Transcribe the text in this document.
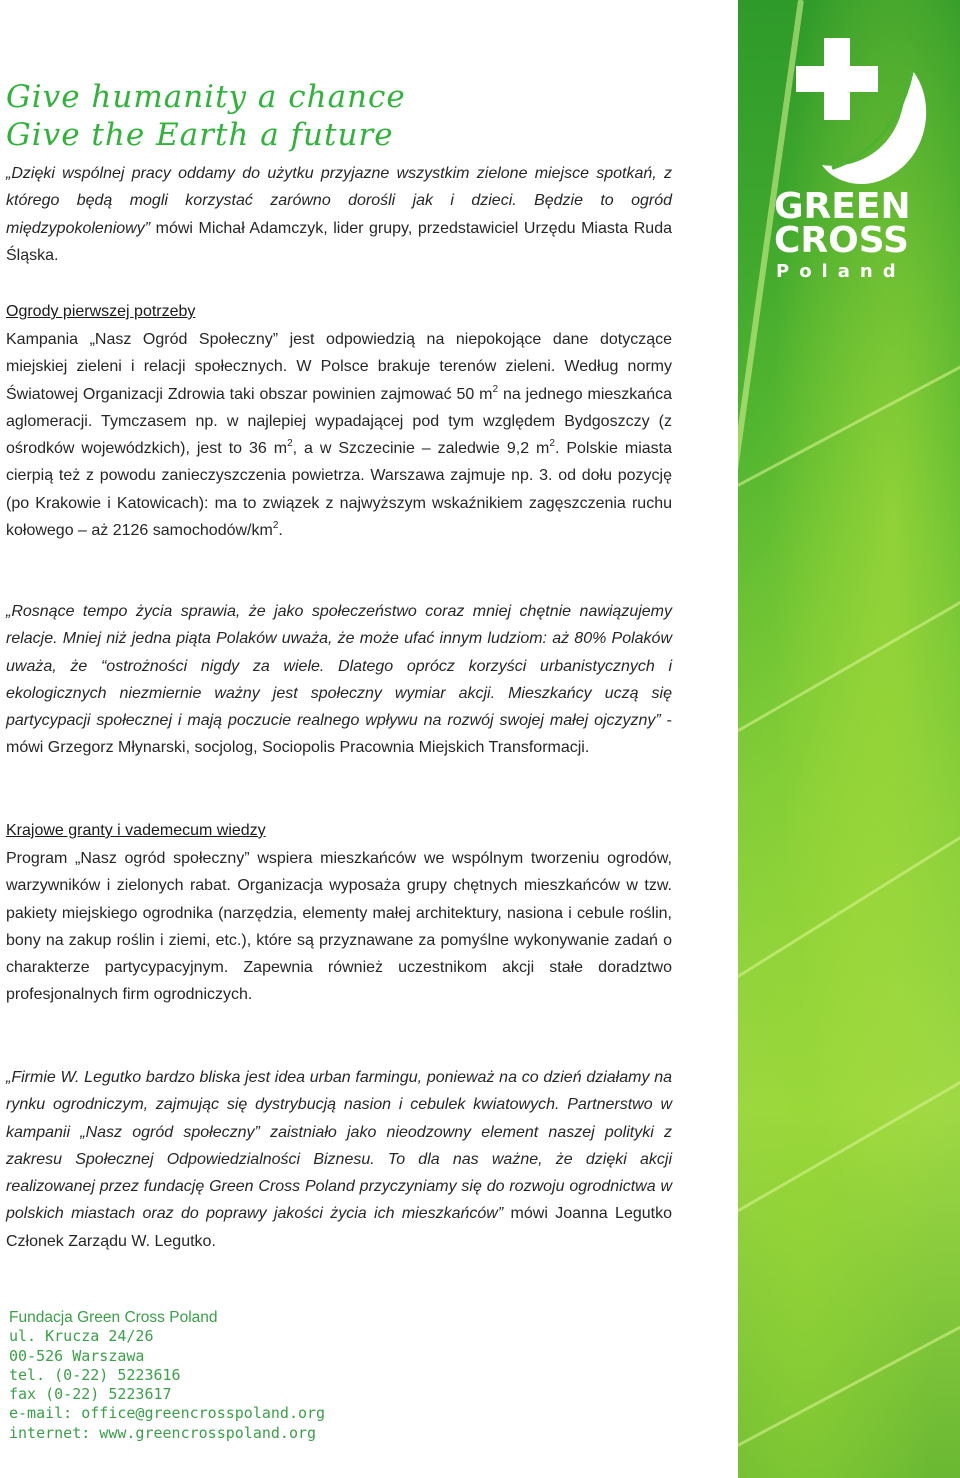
Give humanity a chance
Give the Earth a future

„Dzięki wspólnej pracy oddamy do użytku przyjazne wszystkim zielone miejsce spotkań, z którego będą mogli korzystać zarówno dorośli jak i dzieci. Będzie to ogród międzypokoleniowy” mówi Michał Adamczyk, lider grupy, przedstawiciel Urzędu Miasta Ruda Śląska.

Ogrody pierwszej potrzeby

Kampania „Nasz Ogród Społeczny” jest odpowiedzią na niepokojące dane dotyczące miejskiej zieleni i relacji społecznych. W Polsce brakuje terenów zieleni. Według normy Światowej Organizacji Zdrowia taki obszar powinien zajmować 50 $m^2$ na jednego mieszkańca aglomeracji. Tymczasem np. w najlepiej wypadającej pod tym względem Bydgoszczy (z ośrodków wojewódzkich), jest to 36 $m^2$, a w Szczecinie – zaledwie 9,2 $m^2$. Polskie miasta cierpią też z powodu zanieczyszczenia powietrza. Warszawa zajmuje np. 3. od dołu pozycję (po Krakowie i Katowicach): ma to związek z najwyższym wskaźnikiem zagęszczenia ruchu kołowego – aż 2126 samochodów/$km^2$.

„Rosnące tempo życia sprawia, że jako społeczeństwo coraz mniej chętnie nawiązujemy relacje. Mniej niż jedna piąta Polaków uważa, że może ufać innym ludziom: aż 80% Polaków uważa, że “ostrożności nigdy za wiele. Dlatego oprócz korzyści urbanistycznych i ekologicznych niezmiernie ważny jest społeczny wymiar akcji. Mieszkańcy uczą się partycypacji społecznej i mają poczucie realnego wpływu na rozwój swojej małej ojczyzny” - mówi Grzegorz Młynarski, socjolog, Sociopolis Pracownia Miejskich Transformacji.

Krajowe granty i vademecum wiedzy

Program „Nasz ogród społeczny” wspiera mieszkańców we wspólnym tworzeniu ogrodów, warzywników i zielonych rabat. Organizacja wyposaża grupy chętnych mieszkańców w tzw. pakiety miejskiego ogrodnika (narzędzia, elementy małej architektury, nasiona i cebule roślin, bony na zakup roślin i ziemi, etc.), które są przyznawane za pomyślne wykonywanie zadań o charakterze partycypacyjnym. Zapewnia również uczestnikom akcji stałe doradztwo profesjonalnych firm ogrodniczych.

„Firmie W. Legutko bardzo bliska jest idea urban farmingu, ponieważ na co dzień działamy na rynku ogrodniczym, zajmując się dystrybucją nasion i cebulek kwiatowych. Partnerstwo w kampanii „Nasz ogród społeczny” zaistniało jako nieodzowny element naszej polityki z zakresu Społecznej Odpowiedzialności Biznesu. To dla nas ważne, że dzięki akcji realizowanej przez fundację Green Cross Poland przyczyniamy się do rozwoju ogrodnictwa w polskich miastach oraz do poprawy jakości życia ich mieszkańców” mówi Joanna Legutko Członek Zarządu W. Legutko.

Fundacja Green Cross Poland
ul. Krucza 24/26
00-526 Warszawa
tel. (0-22) 5223616
fax (0-22) 5223617
e-mail: office@greencrosspoland.org
internet: www.greencrosspoland.org
GREEN
CROSS
Poland
